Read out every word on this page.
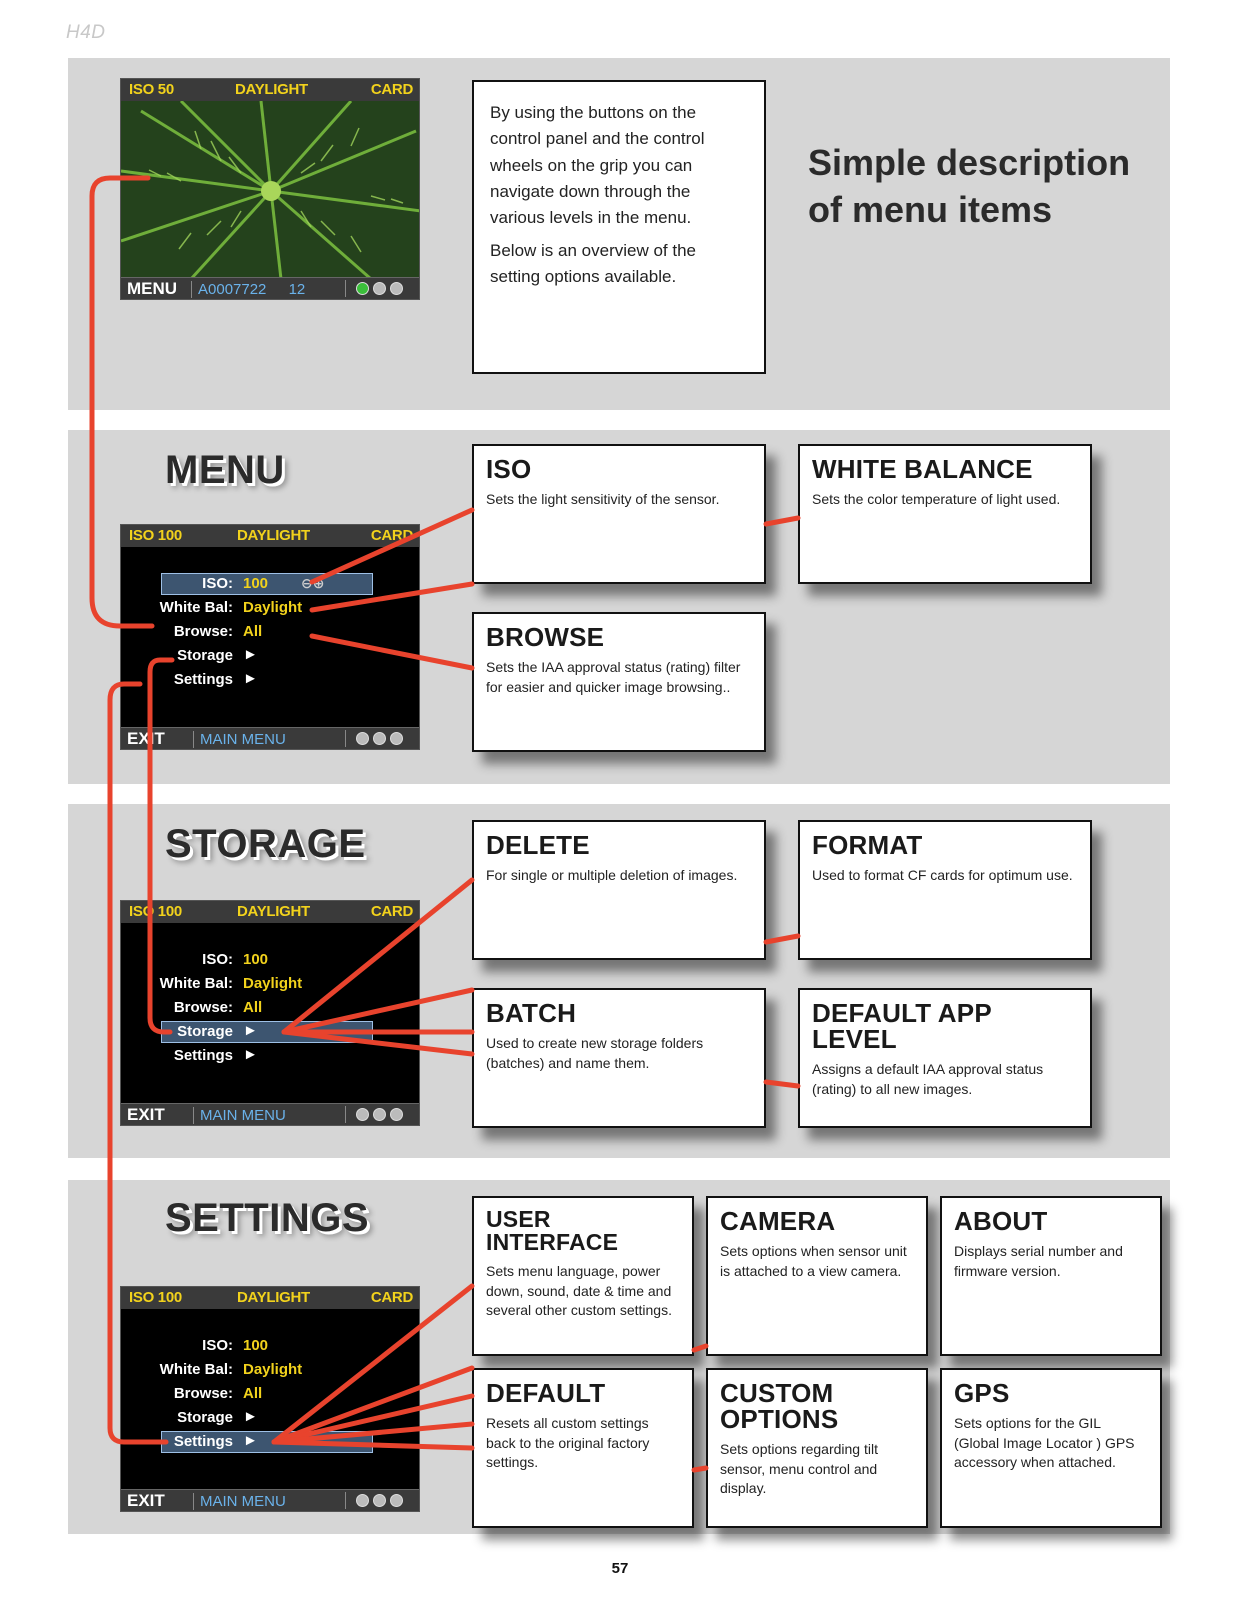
H4D
ISO 50	DAYLIGHT	CARD
MENU	A0007722 12

By using the buttons on the control panel and the control wheels on the grip you can navigate down through the various levels in the menu.

Below is an overview of the setting options available.

Simple description
of menu items
MENU
ISO 100	DAYLIGHT	CARD
ISO: 100 ⊖⊕
White Bal: Daylight
Browse: All
Storage ►
Settings ►
EXIT	MAIN MENU
ISO

Sets the light sensitivity of the sensor.

WHITE BALANCE

Sets the color temperature of light used.

BROWSE

Sets the IAA approval status (rating) filter for easier and quicker image browsing..

STORAGE
ISO 100	DAYLIGHT	CARD
ISO: 100
White Bal: Daylight
Browse: All
Storage ►
Settings ►
EXIT	MAIN MENU
DELETE

For single or multiple deletion of images.

FORMAT

Used to format CF cards for optimum use.

BATCH

Used to create new storage folders (batches) and name them.

DEFAULT APP LEVEL

Assigns a default IAA approval status (rating) to all new images.

SETTINGS
ISO 100	DAYLIGHT	CARD
ISO: 100
White Bal: Daylight
Browse: All
Storage ►
Settings ►
EXIT	MAIN MENU
USER INTERFACE

Sets menu language, power down, sound, date & time and several other custom settings.

CAMERA

Sets options when sensor unit is attached to a view camera.

ABOUT

Displays serial number and firmware version.

DEFAULT

Resets all custom settings back to the original factory settings.

CUSTOM OPTIONS

Sets options regarding tilt sensor, menu control and display.

GPS

Sets options for the GIL (Global Image Locator ) GPS accessory when attached.

57
